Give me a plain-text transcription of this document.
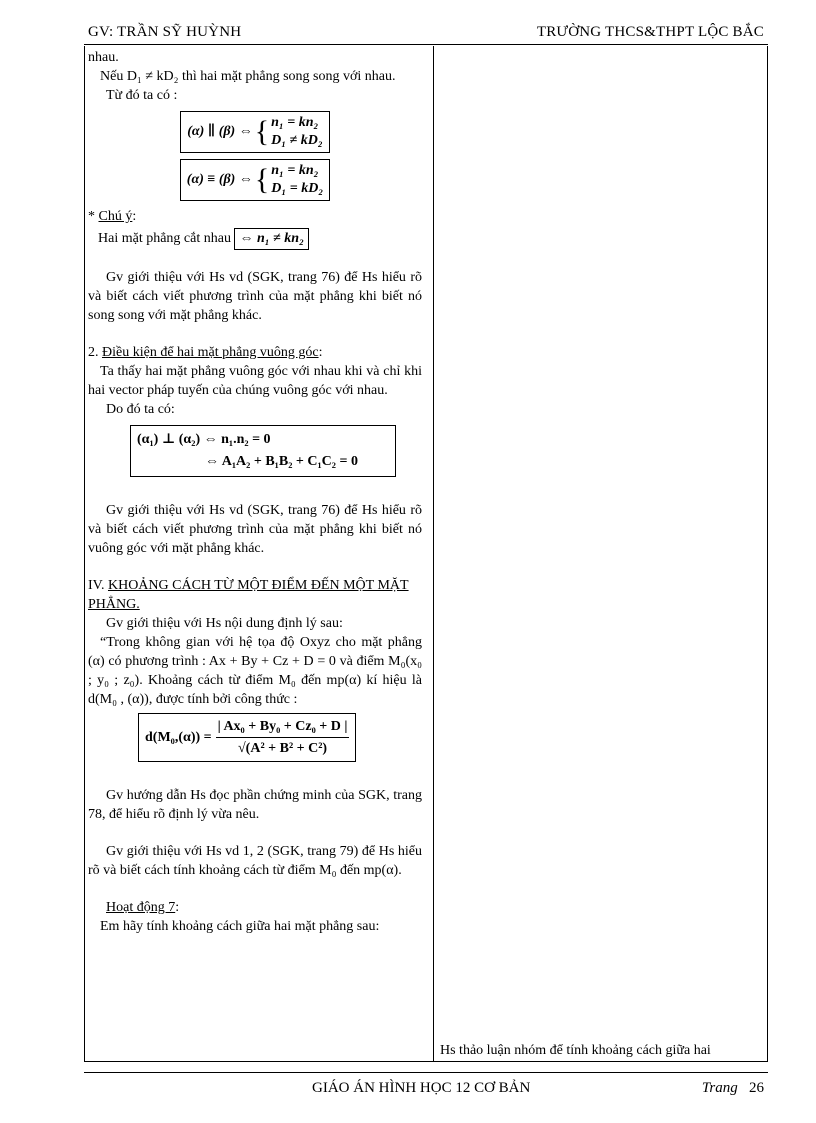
GV: TRẦN SỸ HUỲNH	TRƯỜNG THCS&THPT LỘC BẮC

nhau.

Nếu D₁ ≠ kD₂ thì hai mặt phẳng song song với nhau.

Từ đó ta có :

(α) ∥ (β) ⇔ { n₁ = kn₂
D₁ ≠ kD₂
(α) ≡ (β) ⇔ { n₁ = kn₂
D₁ = kD₂

* Chú ý:

Hai mặt phẳng cắt nhau ⇔ n₁ ≠ kn₂

Gv giới thiệu với Hs vd (SGK, trang 76) để Hs hiểu rõ và biết cách viết phương trình của mặt phẳng khi biết nó song song với mặt phẳng khác.

2. Điều kiện để hai mặt phẳng vuông góc:

Ta thấy hai mặt phẳng vuông góc với nhau khi và chỉ khi hai vector pháp tuyến của chúng vuông góc với nhau.

Do đó ta có:

(α₁) ⊥ (α₂) ⇔ n₁.n₂ = 0
⇔ A₁A₂ + B₁B₂ + C₁C₂ = 0

Gv giới thiệu với Hs vd (SGK, trang 76) để Hs hiểu rõ và biết cách viết phương trình của mặt phẳng khi biết nó vuông góc với mặt phẳng khác.

IV. KHOẢNG CÁCH TỪ MỘT ĐIỂM ĐẾN MỘT MẶT PHẲNG.

Gv giới thiệu với Hs nội dung định lý sau:

“Trong không gian với hệ tọa độ Oxyz cho mặt phẳng (α) có phương trình : Ax + By + Cz + D = 0 và điểm M₀(x₀ ; y₀ ; z₀). Khoảng cách từ điểm M₀ đến mp(α) kí hiệu là d(M₀ , (α)), được tính bởi công thức :

$d(M_0,(\alpha)) = \frac{\text{| Ax₀ + By₀ + Cz₀ + D |}}{\text{√(A² + B² + C²)}}$

Gv hướng dẫn Hs đọc phần chứng minh của SGK, trang 78, để hiểu rõ định lý vừa nêu.

Gv giới thiệu với Hs vd 1, 2 (SGK, trang 79) để Hs hiểu rõ và biết cách tính khoảng cách từ điểm M₀ đến mp(α).

Hoạt động 7:

Em hãy tính khoảng cách giữa hai mặt phẳng sau:

Hs thảo luận nhóm để tính khoảng cách giữa hai
GIÁO ÁN HÌNH HỌC 12 CƠ BẢN	Trang 26
